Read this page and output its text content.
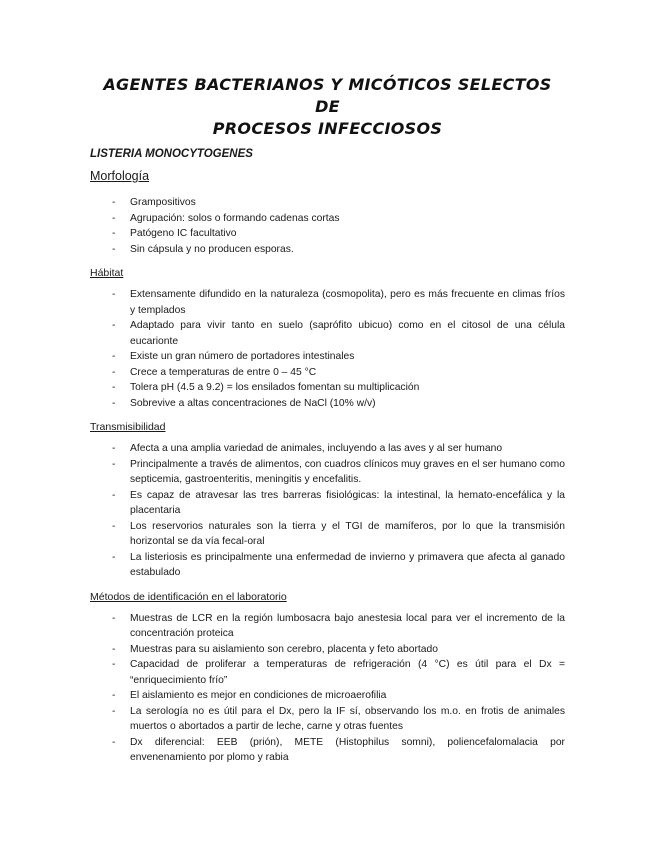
AGENTES BACTERIANOS Y MICÓTICOS SELECTOS DE
PROCESOS INFECCIOSOS
LISTERIA MONOCYTOGENES
Morfología
- Grampositivos
- Agrupación: solos o formando cadenas cortas
- Patógeno IC facultativo
- Sin cápsula y no producen esporas.
Hábitat
- Extensamente difundido en la naturaleza (cosmopolita), pero es más frecuente en climas fríos y templados
- Adaptado para vivir tanto en suelo (saprófito ubicuo) como en el citosol de una célula eucarionte
- Existe un gran número de portadores intestinales
- Crece a temperaturas de entre 0 – 45 °C
- Tolera pH (4.5 a 9.2) = los ensilados fomentan su multiplicación
- Sobrevive a altas concentraciones de NaCl (10% w/v)
Transmisibilidad
- Afecta a una amplia variedad de animales, incluyendo a las aves y al ser humano
- Principalmente a través de alimentos, con cuadros clínicos muy graves en el ser humano como septicemia, gastroenteritis, meningitis y encefalitis.
- Es capaz de atravesar las tres barreras fisiológicas: la intestinal, la hemato-encefálica y la placentaria
- Los reservorios naturales son la tierra y el TGI de mamíferos, por lo que la transmisión horizontal se da vía fecal-oral
- La listeriosis es principalmente una enfermedad de invierno y primavera que afecta al ganado estabulado
Métodos de identificación en el laboratorio
- Muestras de LCR en la región lumbosacra bajo anestesia local para ver el incremento de la concentración proteica
- Muestras para su aislamiento son cerebro, placenta y feto abortado
- Capacidad de proliferar a temperaturas de refrigeración (4 °C) es útil para el Dx = “enriquecimiento frío”
- El aislamiento es mejor en condiciones de microaerofilia
- La serología no es útil para el Dx, pero la IF sí, observando los m.o. en frotis de animales muertos o abortados a partir de leche, carne y otras fuentes
- Dx diferencial: EEB (prión), METE (Histophilus somni), poliencefalomalacia por envenenamiento por plomo y rabia
